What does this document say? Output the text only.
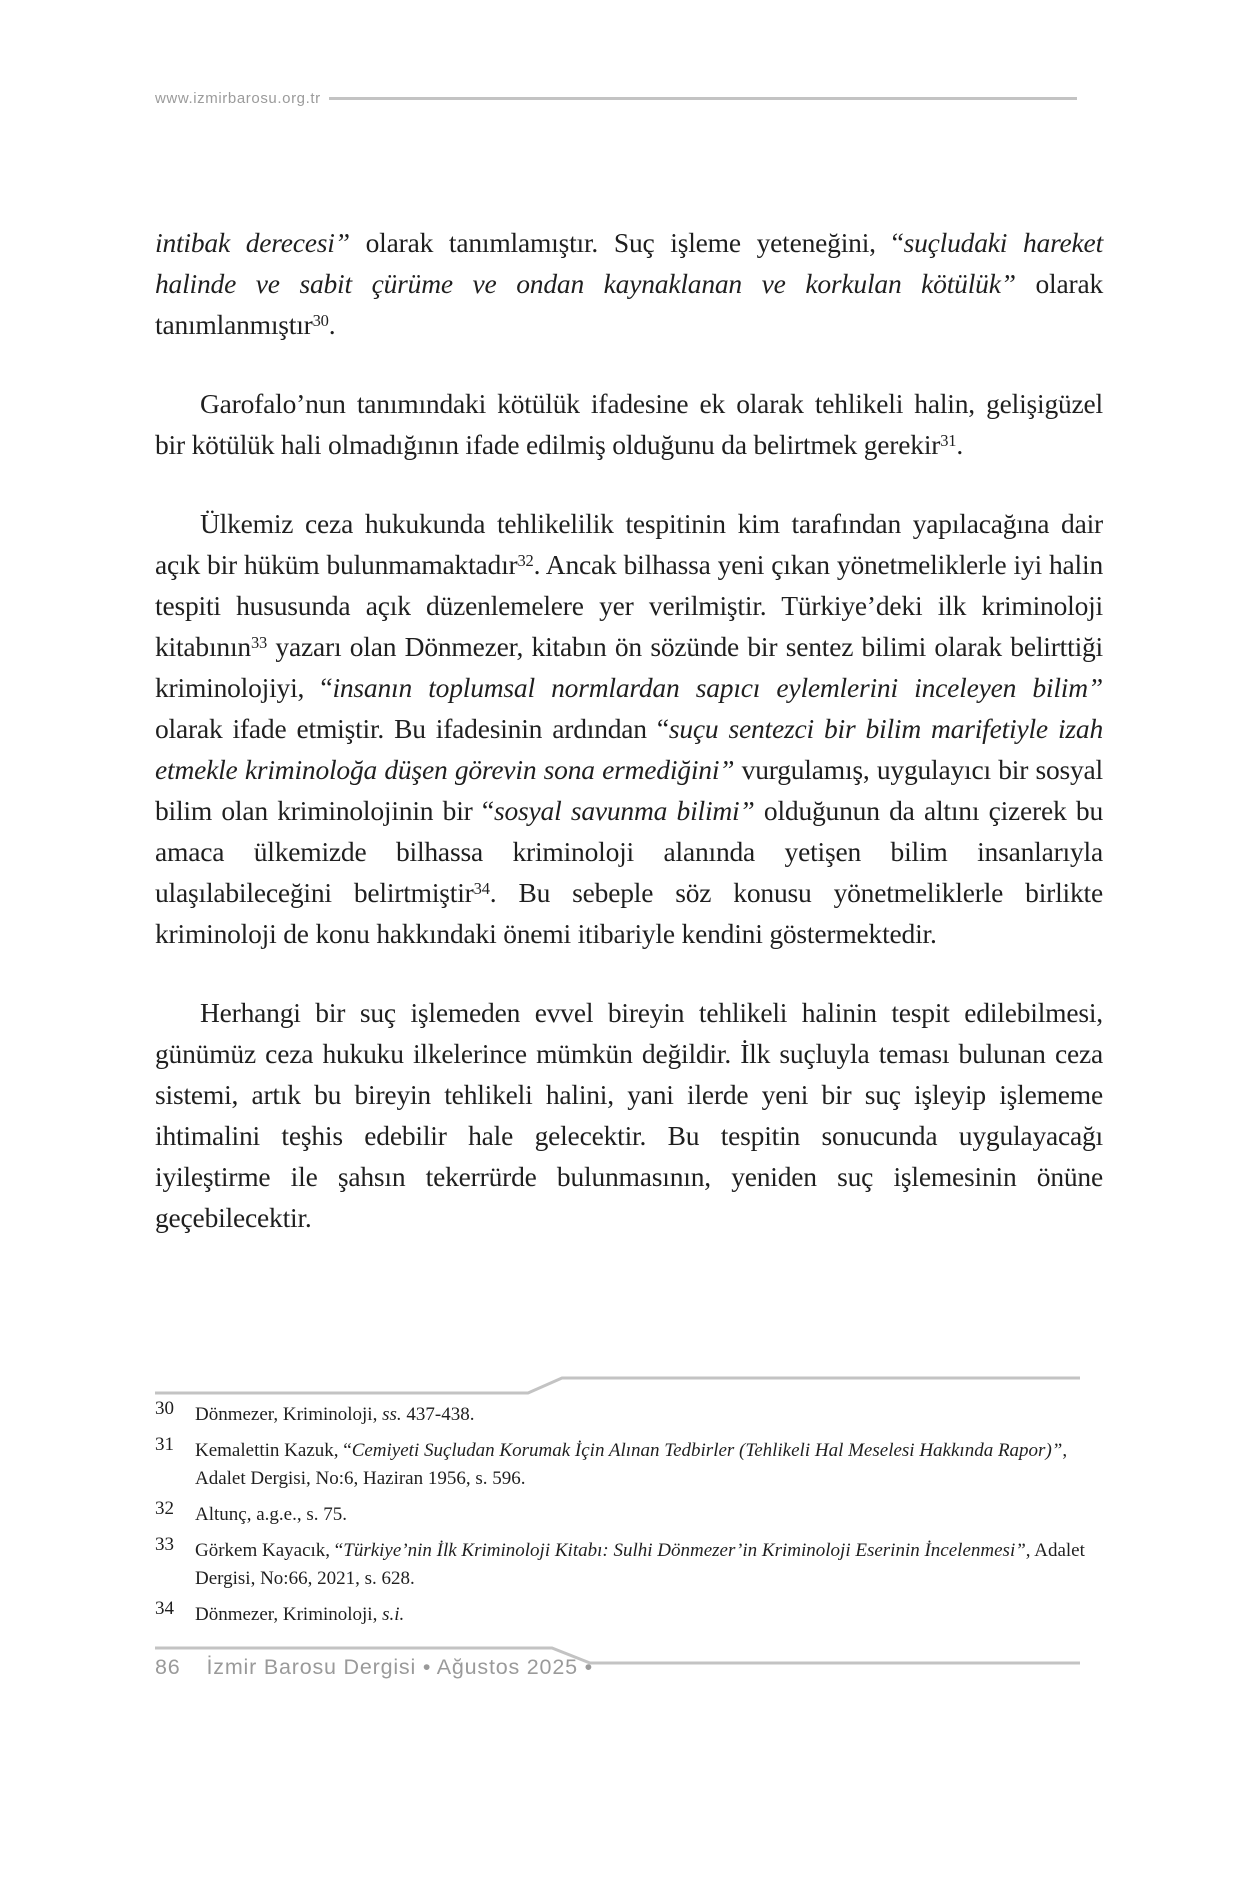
www.izmirbarosu.org.tr

intibak derecesi” olarak tanımlamıştır. Suç işleme yeteneğini, “suçludaki hareket halinde ve sabit çürüme ve ondan kaynaklanan ve korkulan kötülük” olarak tanımlanmıştır$^{30}$.

Garofalo’nun tanımındaki kötülük ifadesine ek olarak tehlikeli halin, gelişigüzel bir kötülük hali olmadığının ifade edilmiş olduğunu da belirtmek gerekir$^{31}$.

Ülkemiz ceza hukukunda tehlikelilik tespitinin kim tarafından yapılacağına dair açık bir hüküm bulunmamaktadır$^{32}$. Ancak bilhassa yeni çıkan yönetmeliklerle iyi halin tespiti hususunda açık düzenlemelere yer verilmiştir. Türkiye’deki ilk kriminoloji kitabının$^{33}$ yazarı olan Dönmezer, kitabın ön sözünde bir sentez bilimi olarak belirttiği kriminolojiyi, “insanın toplumsal normlardan sapıcı eylemlerini inceleyen bilim” olarak ifade etmiştir. Bu ifadesinin ardından “suçu sentezci bir bilim marifetiyle izah etmekle kriminoloğa düşen görevin sona ermediğini” vurgulamış, uygulayıcı bir sosyal bilim olan kriminolojinin bir “sosyal savunma bilimi” olduğunun da altını çizerek bu amaca ülkemizde bilhassa kriminoloji alanında yetişen bilim insanlarıyla ulaşılabileceğini belirtmiştir$^{34}$. Bu sebeple söz konusu yönetmeliklerle birlikte kriminoloji de konu hakkındaki önemi itibariyle kendini göstermektedir.

Herhangi bir suç işlemeden evvel bireyin tehlikeli halinin tespit edilebilmesi, günümüz ceza hukuku ilkelerince mümkün değildir. İlk suçluyla teması bulunan ceza sistemi, artık bu bireyin tehlikeli halini, yani ilerde yeni bir suç işleyip işlememe ihtimalini teşhis edebilir hale gelecektir. Bu tespitin sonucunda uygulayacağı iyileştirme ile şahsın tekerrürde bulunmasının, yeniden suç işlemesinin önüne geçebilecektir.

30 Dönmezer, Kriminoloji, ss. 437-438.
31 Kemalettin Kazuk, “Cemiyeti Suçludan Korumak İçin Alınan Tedbirler (Tehlikeli Hal Meselesi Hakkında Rapor)”, Adalet Dergisi, No:6, Haziran 1956, s. 596.
32 Altunç, a.g.e., s. 75.
33 Görkem Kayacık, “Türkiye’nin İlk Kriminoloji Kitabı: Sulhi Dönmezer’in Kriminoloji Eserinin İncelenmesi”, Adalet Dergisi, No:66, 2021, s. 628.
34 Dönmezer, Kriminoloji, s.i.
86 İzmir Barosu Dergisi • Ağustos 2025 •
